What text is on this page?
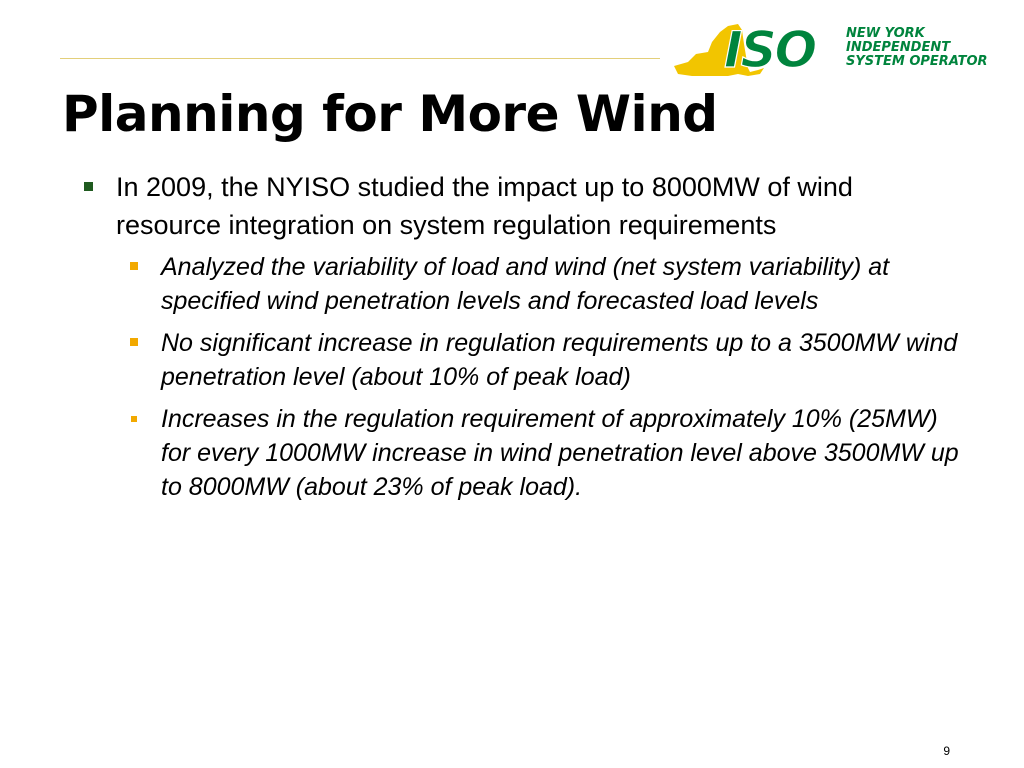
ISO NEW YORK
INDEPENDENT
SYSTEM OPERATOR
Planning for More Wind
In 2009, the NYISO studied the impact up to 8000MW of wind resource integration on system regulation requirements
Analyzed the variability of load and wind (net system variability) at specified wind penetration levels and forecasted load levels
No significant increase in regulation requirements up to a 3500MW wind penetration level (about 10% of peak load)
Increases in the regulation requirement of approximately 10% (25MW) for every 1000MW increase in wind penetration level above 3500MW up to 8000MW (about 23% of peak load).
9
